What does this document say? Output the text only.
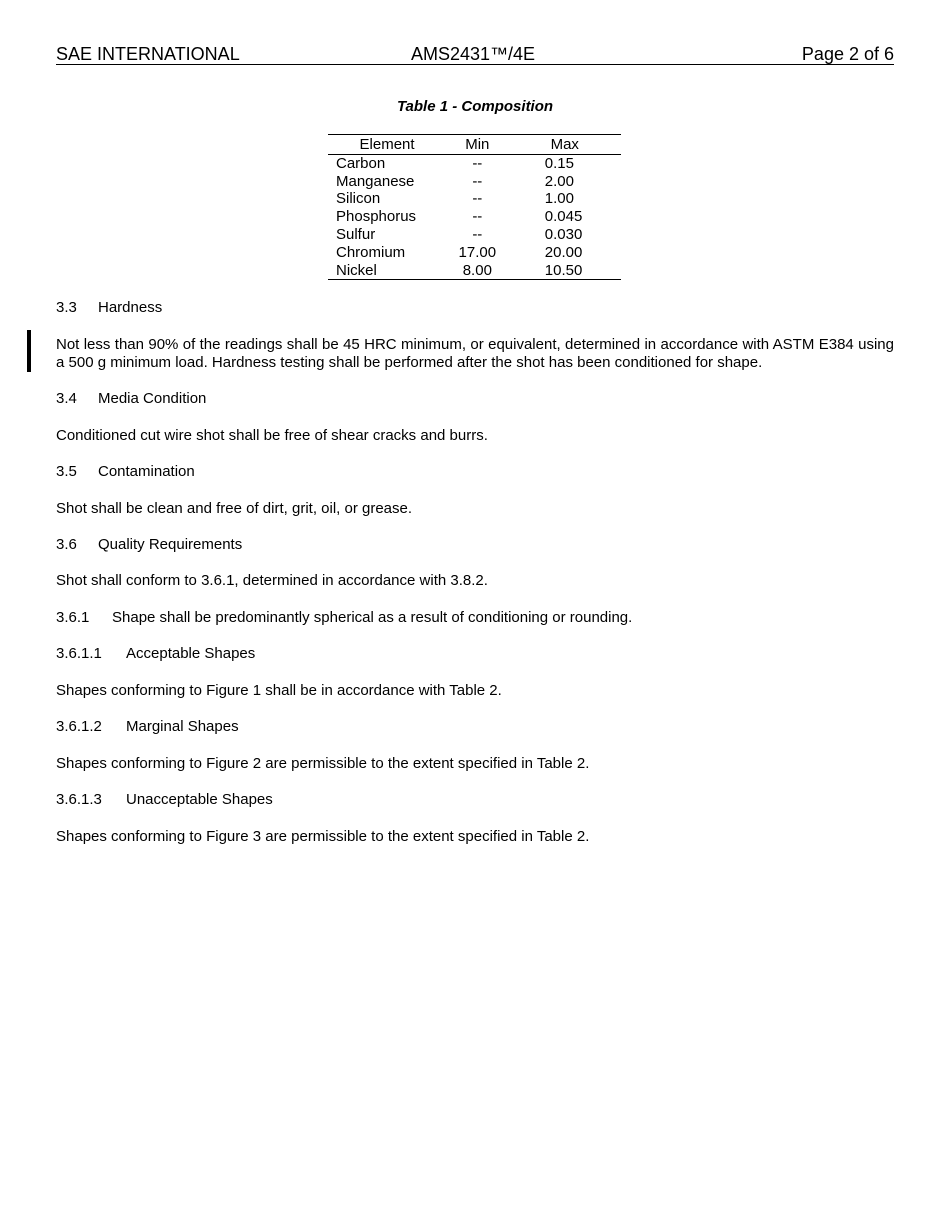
SAE INTERNATIONAL	AMS2431™/4E	Page 2 of 6
Table 1 - Composition
Element	Min	Max
Carbon	--	0.15
Manganese	--	2.00
Silicon	--	1.00
Phosphorus	--	0.045
Sulfur	--	0.030
Chromium	17.00	20.00
Nickel	8.00	10.50
3.3 Hardness
Not less than 90% of the readings shall be 45 HRC minimum, or equivalent, determined in accordance with ASTM E384 using a 500 g minimum load. Hardness testing shall be performed after the shot has been conditioned for shape.
3.4 Media Condition
Conditioned cut wire shot shall be free of shear cracks and burrs.
3.5 Contamination
Shot shall be clean and free of dirt, grit, oil, or grease.
3.6 Quality Requirements
Shot shall conform to 3.6.1, determined in accordance with 3.8.2.
3.6.1 Shape shall be predominantly spherical as a result of conditioning or rounding.
3.6.1.1 Acceptable Shapes
Shapes conforming to Figure 1 shall be in accordance with Table 2.
3.6.1.2 Marginal Shapes
Shapes conforming to Figure 2 are permissible to the extent specified in Table 2.
3.6.1.3 Unacceptable Shapes
Shapes conforming to Figure 3 are permissible to the extent specified in Table 2.
